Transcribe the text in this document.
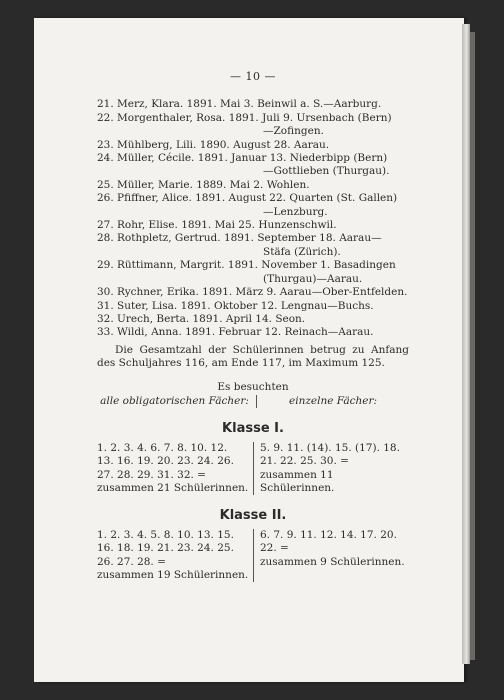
— 10 —
21. Merz, Klara. 1891. Mai 3. Beinwil a. S.—Aarburg.
22. Morgenthaler, Rosa. 1891. Juli 9. Ursenbach (Bern)
—Zofingen.
23. Mühlberg, Lili. 1890. August 28. Aarau.
24. Müller, Cécile. 1891. Januar 13. Niederbipp (Bern)
—Gottlieben (Thurgau).
25. Müller, Marie. 1889. Mai 2. Wohlen.
26. Pfiffner, Alice. 1891. August 22. Quarten (St. Gallen)
—Lenzburg.
27. Rohr, Elise. 1891. Mai 25. Hunzenschwil.
28. Rothpletz, Gertrud. 1891. September 18. Aarau—
Stäfa (Zürich).
29. Rüttimann, Margrit. 1891. November 1. Basadingen
(Thurgau)—Aarau.
30. Rychner, Erika. 1891. März 9. Aarau—Ober-Entfelden.
31. Suter, Lisa. 1891. Oktober 12. Lengnau—Buchs.
32. Urech, Berta. 1891. April 14. Seon.
33. Wildi, Anna. 1891. Februar 12. Reinach—Aarau.
Die Gesamtzahl der Schülerinnen betrug zu Anfang des Schuljahres 116, am Ende 117, im Maximum 125.
Es besuchten
alle obligatorischen Fächer:	einzelne Fächer:
Klasse I.
1. 2. 3. 4. 6. 7. 8. 10. 12.
13. 16. 19. 20. 23. 24. 26.
27. 28. 29. 31. 32. =
zusammen 21 Schülerinnen.
5. 9. 11. (14). 15. (17). 18.
21. 22. 25. 30. =
zusammen 11 Schülerinnen.
Klasse II.
1. 2. 3. 4. 5. 8. 10. 13. 15.
16. 18. 19. 21. 23. 24. 25.
26. 27. 28. =
zusammen 19 Schülerinnen.
6. 7. 9. 11. 12. 14. 17. 20.
22. =
zusammen 9 Schülerinnen.
